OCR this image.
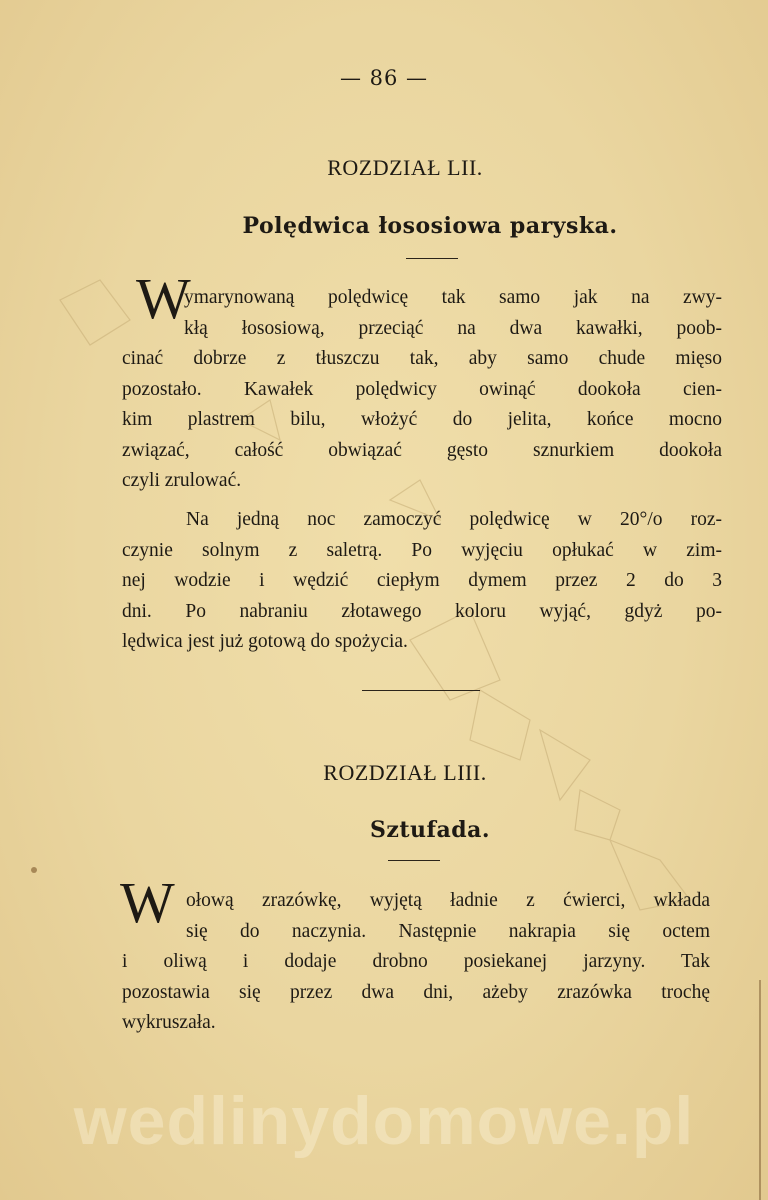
— 86 —
ROZDZIAŁ LII.
Polędwica łososiowa paryska.
W
ymarynowaną polędwicę tak samo jak na zwy-
kłą łososiową, przeciąć na dwa kawałki, poob-
cinać dobrze z tłuszczu tak, aby samo chude mięso
pozostało. Kawałek polędwicy owinąć dookoła cien-
kim plastrem bilu, włożyć do jelita, końce mocno
związać, całość obwiązać gęsto sznurkiem dookoła
czyli zrulować.
Na jedną noc zamoczyć polędwicę w 20°/o roz-
czynie solnym z saletrą. Po wyjęciu opłukać w zim-
nej wodzie i wędzić ciepłym dymem przez 2 do 3
dni. Po nabraniu złotawego koloru wyjąć, gdyż po-
lędwica jest już gotową do spożycia.
ROZDZIAŁ LIII.
Sztufada.
W ołową zrazówkę, wyjętą ładnie z ćwierci, wkłada
się do naczynia. Następnie nakrapia się octem
i oliwą i dodaje drobno posiekanej jarzyny. Tak
pozostawia się przez dwa dni, ażeby zrazówka trochę
wykruszała.
wedlinydomowe.pl
